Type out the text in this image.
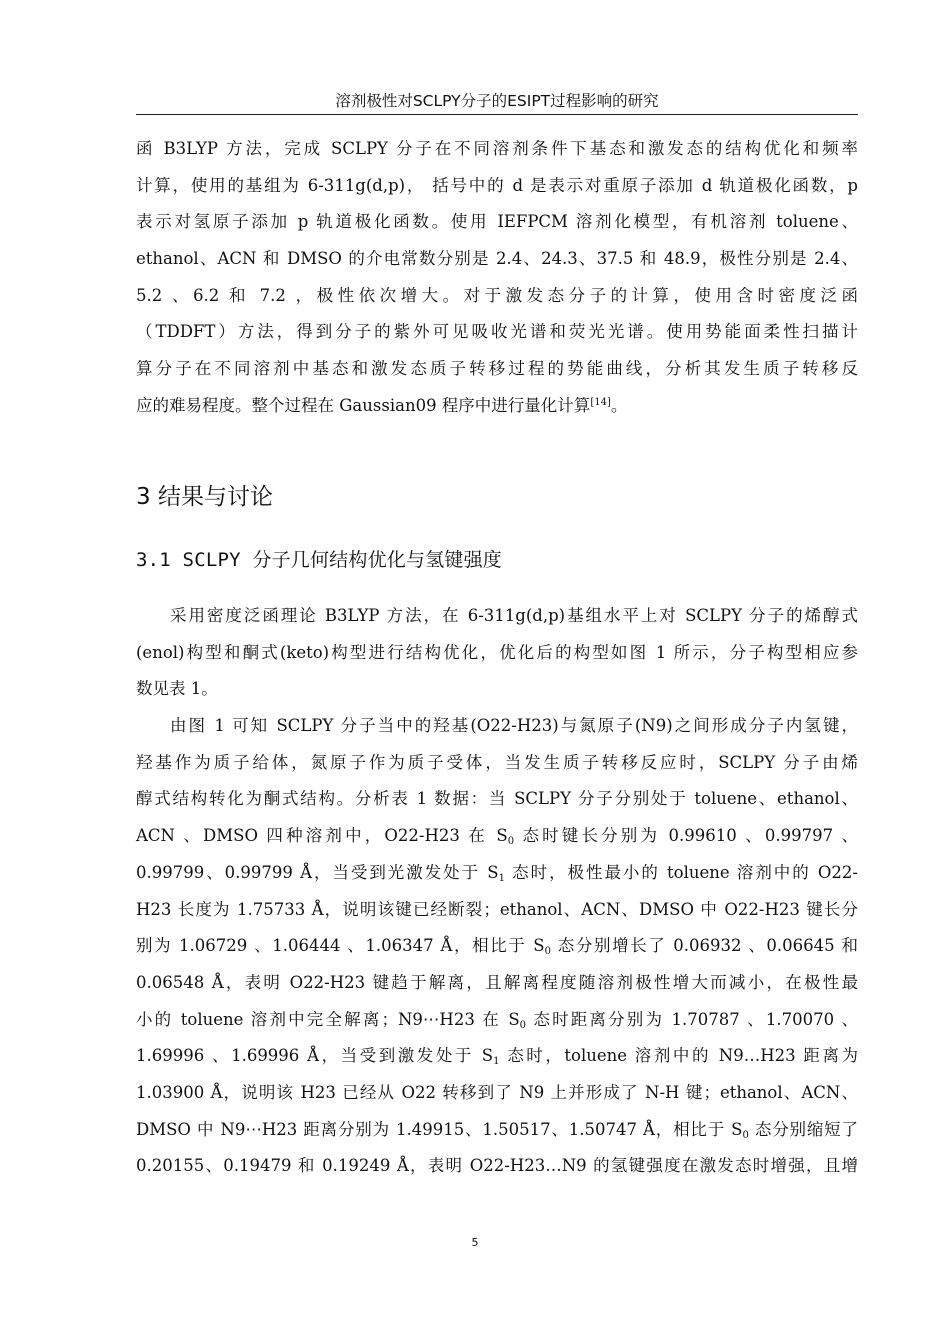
溶剂极性对SCLPY分子的ESIPT过程影响的研究
函 B3LYP 方法，完成 SCLPY 分子在不同溶剂条件下基态和激发态的结构优化和频率
计算，使用的基组为 6-311g(d,p)， 括号中的 d 是表示对重原子添加 d 轨道极化函数，p
表示对氢原子添加 p 轨道极化函数。使用 IEFPCM 溶剂化模型，有机溶剂 toluene、
ethanol、ACN 和 DMSO 的介电常数分别是 2.4、24.3、37.5 和 48.9，极性分别是 2.4、
5.2 、6.2 和 7.2 ，极性依次增大。对于激发态分子的计算，使用含时密度泛函
（TDDFT）方法，得到分子的紫外可见吸收光谱和荧光光谱。使用势能面柔性扫描计
算分子在不同溶剂中基态和激发态质子转移过程的势能曲线，分析其发生质子转移反
应的难易程度。整个过程在 Gaussian09 程序中进行量化计算[14]。
3 结果与讨论
3.1 SCLPY 分子几何结构优化与氢键强度
采用密度泛函理论 B3LYP 方法，在 6-311g(d,p)基组水平上对 SCLPY 分子的烯醇式
(enol)构型和酮式(keto)构型进行结构优化，优化后的构型如图 1 所示，分子构型相应参
数见表 1。
由图 1 可知 SCLPY 分子当中的羟基(O22-H23)与氮原子(N9)之间形成分子内氢键，
羟基作为质子给体，氮原子作为质子受体，当发生质子转移反应时，SCLPY 分子由烯
醇式结构转化为酮式结构。分析表 1 数据：当 SCLPY 分子分别处于 toluene、ethanol、
ACN 、DMSO 四种溶剂中，O22-H23 在 $S_0$ 态时键长分别为 0.99610 、0.99797 、
0.99799、0.99799 Å，当受到光激发处于 $S_1$ 态时，极性最小的 toluene 溶剂中的 O22-
H23 长度为 1.75733 Å，说明该键已经断裂；ethanol、ACN、DMSO 中 O22-H23 键长分
别为 1.06729 、1.06444 、1.06347 Å，相比于 $S_0$ 态分别增长了 0.06932 、0.06645 和
0.06548 Å，表明 O22-H23 键趋于解离，且解离程度随溶剂极性增大而减小，在极性最
小的 toluene 溶剂中完全解离；N9⋯H23 在 $S_0$ 态时距离分别为 1.70787 、1.70070 、
1.69996 、1.69996 Å，当受到激发处于 $S_1$ 态时，toluene 溶剂中的 N9…H23 距离为
1.03900 Å，说明该 H23 已经从 O22 转移到了 N9 上并形成了 N-H 键；ethanol、ACN、
DMSO 中 N9⋯H23 距离分别为 1.49915、1.50517、1.50747 Å，相比于 $S_0$ 态分别缩短了
0.20155、0.19479 和 0.19249 Å，表明 O22-H23…N9 的氢键强度在激发态时增强，且增
5
